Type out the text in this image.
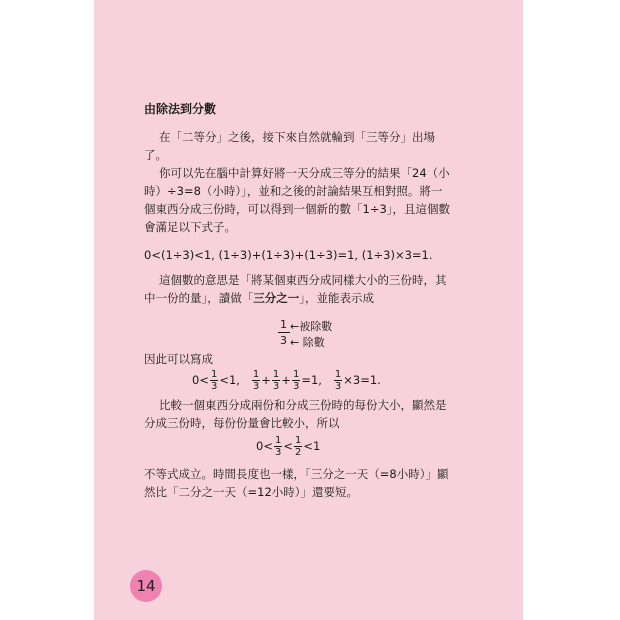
由除法到分數
在「二等分」之後，接下來自然就輪到「三等分」出場
了。
你可以先在腦中計算好將一天分成三等分的結果「24（小
時）÷3=8（小時）」，並和之後的討論結果互相對照。將一
個東西分成三份時，可以得到一個新的數「1÷3」，且這個數
會滿足以下式子。
0<(1÷3)<1, (1÷3)+(1÷3)+(1÷3)=1, (1÷3)×3=1.
這個數的意思是「將某個東西分成同樣大小的三份時，其
中一份的量」，讀做「三分之一」，並能表示成
1 ←被除數
3 ← 除數
因此可以寫成
$0< \frac{1}{3} <1$, $\frac{1}{3} + \frac{1}{3} + \frac{1}{3} =1$, $\frac{1}{3} \times 3=1$.
比較一個東西分成兩份和分成三份時的每份大小，顯然是
分成三份時，每份份量會比較小，所以
$0< \frac{1}{3} < \frac{1}{2} <1$
不等式成立。時間長度也一樣，「三分之一天（=8小時）」顯
然比「二分之一天（=12小時）」還要短。
14
